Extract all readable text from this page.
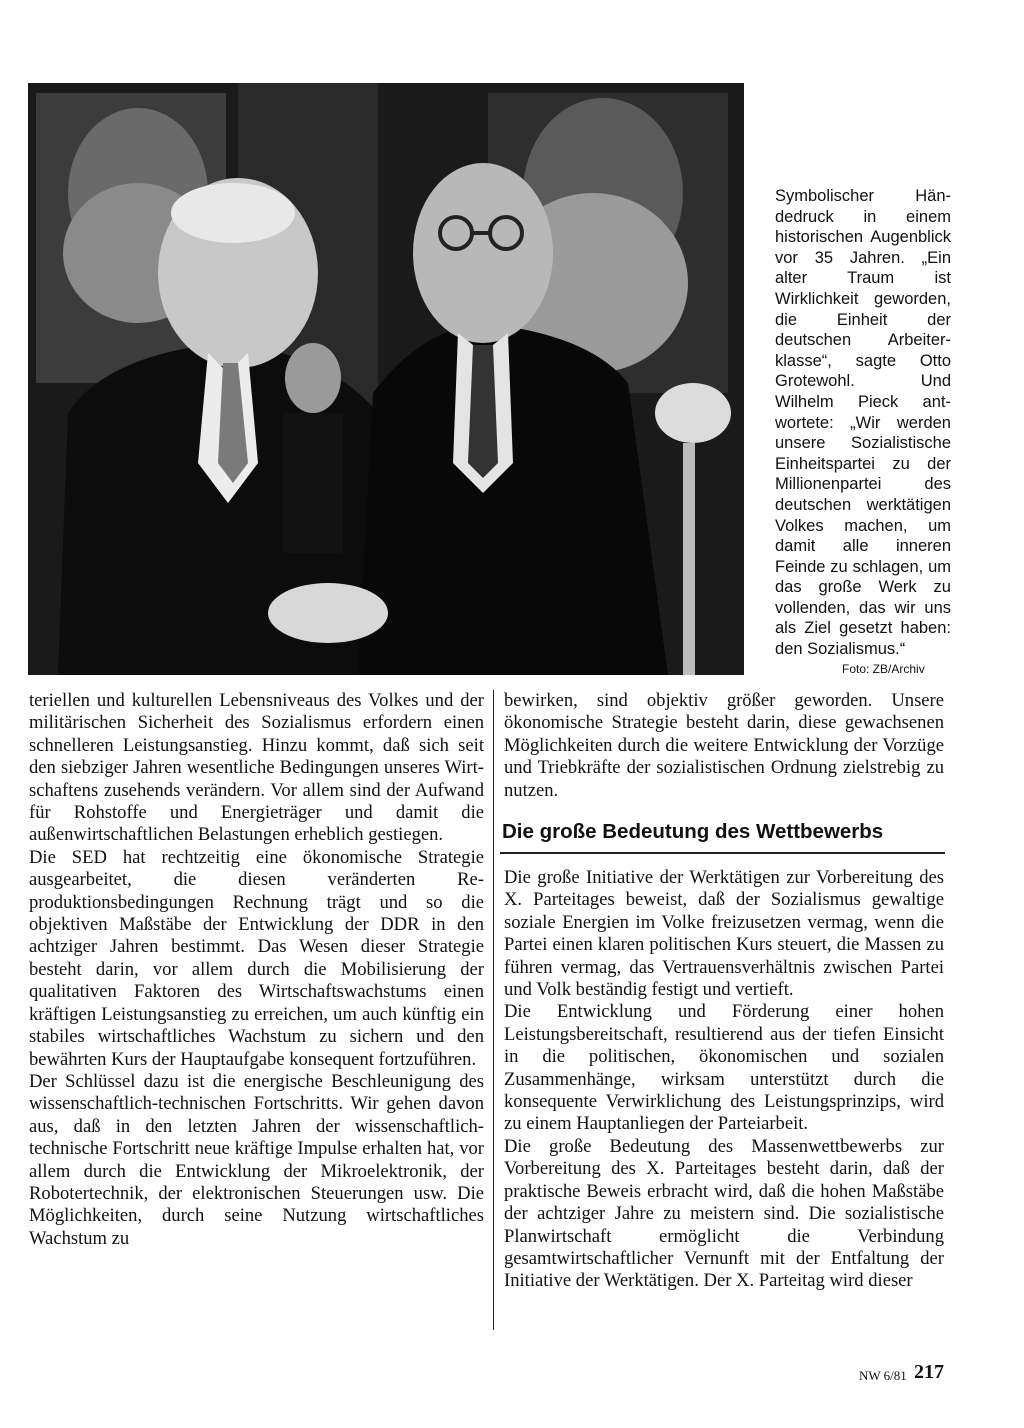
Symbolischer Händedruck in einem historischen Augenblick vor 35 Jahren. „Ein alter Traum ist Wirklichkeit geworden, die Einheit der deutschen Arbeiterklasse“, sagte Otto Grotewohl. Und Wilhelm Pieck antwortete: „Wir werden unsere Sozialistische Einheitspartei zu der Millionenpartei des deutschen werktätigen Volkes machen, um damit alle inneren Feinde zu schlagen, um das große Werk zu vollenden, das wir uns als Ziel gesetzt haben: den Sozialismus.“
Foto: ZB/Archiv
teriellen und kulturellen Lebensniveaus des Volkes und der militärischen Sicherheit des Sozialismus erfordern einen schnelleren Leistungsanstieg. Hinzu kommt, daß sich seit den siebziger Jahren wesentliche Bedingungen unseres Wirtschaftens zusehends verändern. Vor allem sind der Aufwand für Rohstoffe und Energieträger und damit die außenwirtschaftlichen Belastungen erheblich gestiegen.
Die SED hat rechtzeitig eine ökonomische Strategie ausgearbeitet, die diesen veränderten Reproduktionsbedingungen Rechnung trägt und so die objektiven Maßstäbe der Entwicklung der DDR in den achtziger Jahren bestimmt. Das Wesen dieser Strategie besteht darin, vor allem durch die Mobilisierung der qualitativen Faktoren des Wirtschaftswachstums einen kräftigen Leistungsanstieg zu erreichen, um auch künftig ein stabiles wirtschaftliches Wachstum zu sichern und den bewährten Kurs der Hauptaufgabe konsequent fortzuführen.
Der Schlüssel dazu ist die energische Beschleunigung des wissenschaftlich-technischen Fortschritts. Wir gehen davon aus, daß in den letzten Jahren der wissenschaftlich-technische Fortschritt neue kräftige Impulse erhalten hat, vor allem durch die Entwicklung der Mikroelektronik, der Robotertechnik, der elektronischen Steuerungen usw. Die Möglichkeiten, durch seine Nutzung wirtschaftliches Wachstum zu
bewirken, sind objektiv größer geworden. Unsere ökonomische Strategie besteht darin, diese gewachsenen Möglichkeiten durch die weitere Entwicklung der Vorzüge und Triebkräfte der sozialistischen Ordnung zielstrebig zu nutzen.
Die große Bedeutung des Wettbewerbs
Die große Initiative der Werktätigen zur Vorbereitung des X. Parteitages beweist, daß der Sozialismus gewaltige soziale Energien im Volke freizusetzen vermag, wenn die Partei einen klaren politischen Kurs steuert, die Massen zu führen vermag, das Vertrauensverhältnis zwischen Partei und Volk beständig festigt und vertieft.
Die Entwicklung und Förderung einer hohen Leistungsbereitschaft, resultierend aus der tiefen Einsicht in die politischen, ökonomischen und sozialen Zusammenhänge, wirksam unterstützt durch die konsequente Verwirklichung des Leistungsprinzips, wird zu einem Hauptanliegen der Parteiarbeit.
Die große Bedeutung des Massenwettbewerbs zur Vorbereitung des X. Parteitages besteht darin, daß der praktische Beweis erbracht wird, daß die hohen Maßstäbe der achtziger Jahre zu meistern sind. Die sozialistische Planwirtschaft ermöglicht die Verbindung gesamtwirtschaftlicher Vernunft mit der Entfaltung der Initiative der Werktätigen. Der X. Parteitag wird dieser
NW 6/81 217
